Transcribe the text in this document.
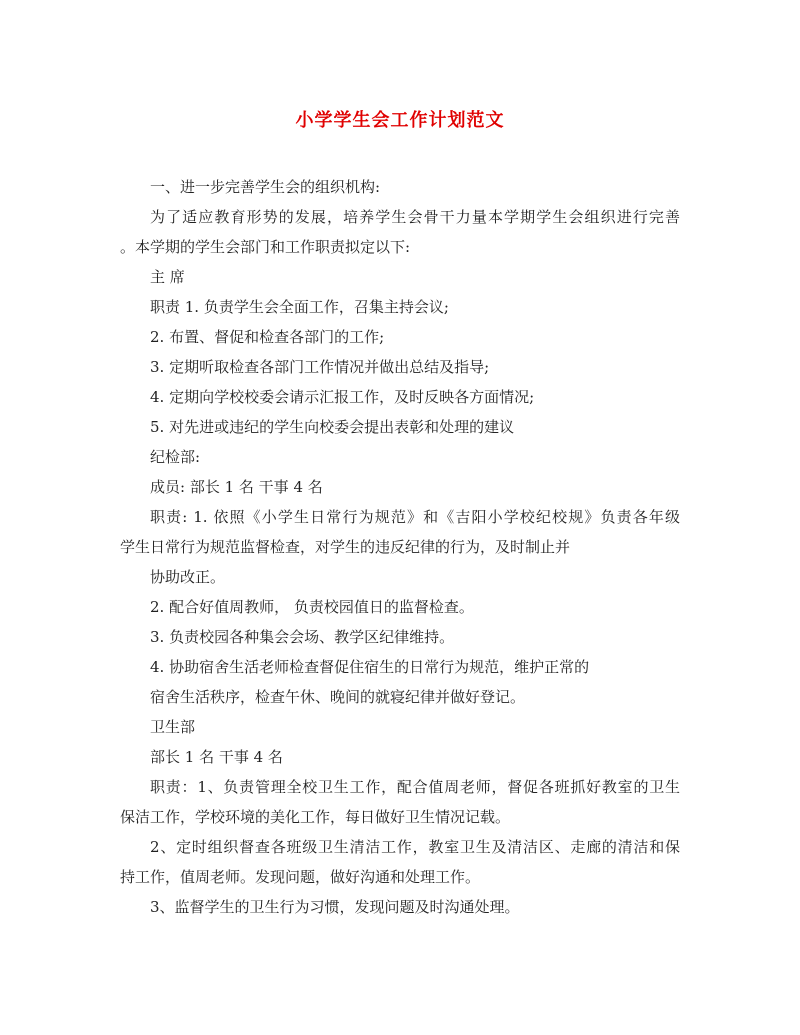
小学学生会工作计划范文

一、进一步完善学生会的组织机构:

为了适应教育形势的发展，培养学生会骨干力量本学期学生会组织进行完善

。本学期的学生会部门和工作职责拟定以下:

主 席

职责 1. 负责学生会全面工作，召集主持会议;

2. 布置、督促和检查各部门的工作;

3. 定期听取检查各部门工作情况并做出总结及指导;

4. 定期向学校校委会请示汇报工作，及时反映各方面情况;

5. 对先进或违纪的学生向校委会提出表彰和处理的建议

纪检部:

成员: 部长 1 名 干事 4 名

职责: 1. 依照《小学生日常行为规范》和《吉阳小学校纪校规》负责各年级

学生日常行为规范监督检查，对学生的违反纪律的行为，及时制止并

协助改正。

2. 配合好值周教师， 负责校园值日的监督检查。

3. 负责校园各种集会会场、教学区纪律维持。

4. 协助宿舍生活老师检查督促住宿生的日常行为规范，维护正常的

宿舍生活秩序，检查午休、晚间的就寝纪律并做好登记。

卫生部

部长 1 名 干事 4 名

职责：1、负责管理全校卫生工作，配合值周老师，督促各班抓好教室的卫生

保洁工作，学校环境的美化工作，每日做好卫生情况记载。

2、定时组织督查各班级卫生清洁工作，教室卫生及清洁区、走廊的清洁和保

持工作，值周老师。发现问题，做好沟通和处理工作。

3、监督学生的卫生行为习惯，发现问题及时沟通处理。
